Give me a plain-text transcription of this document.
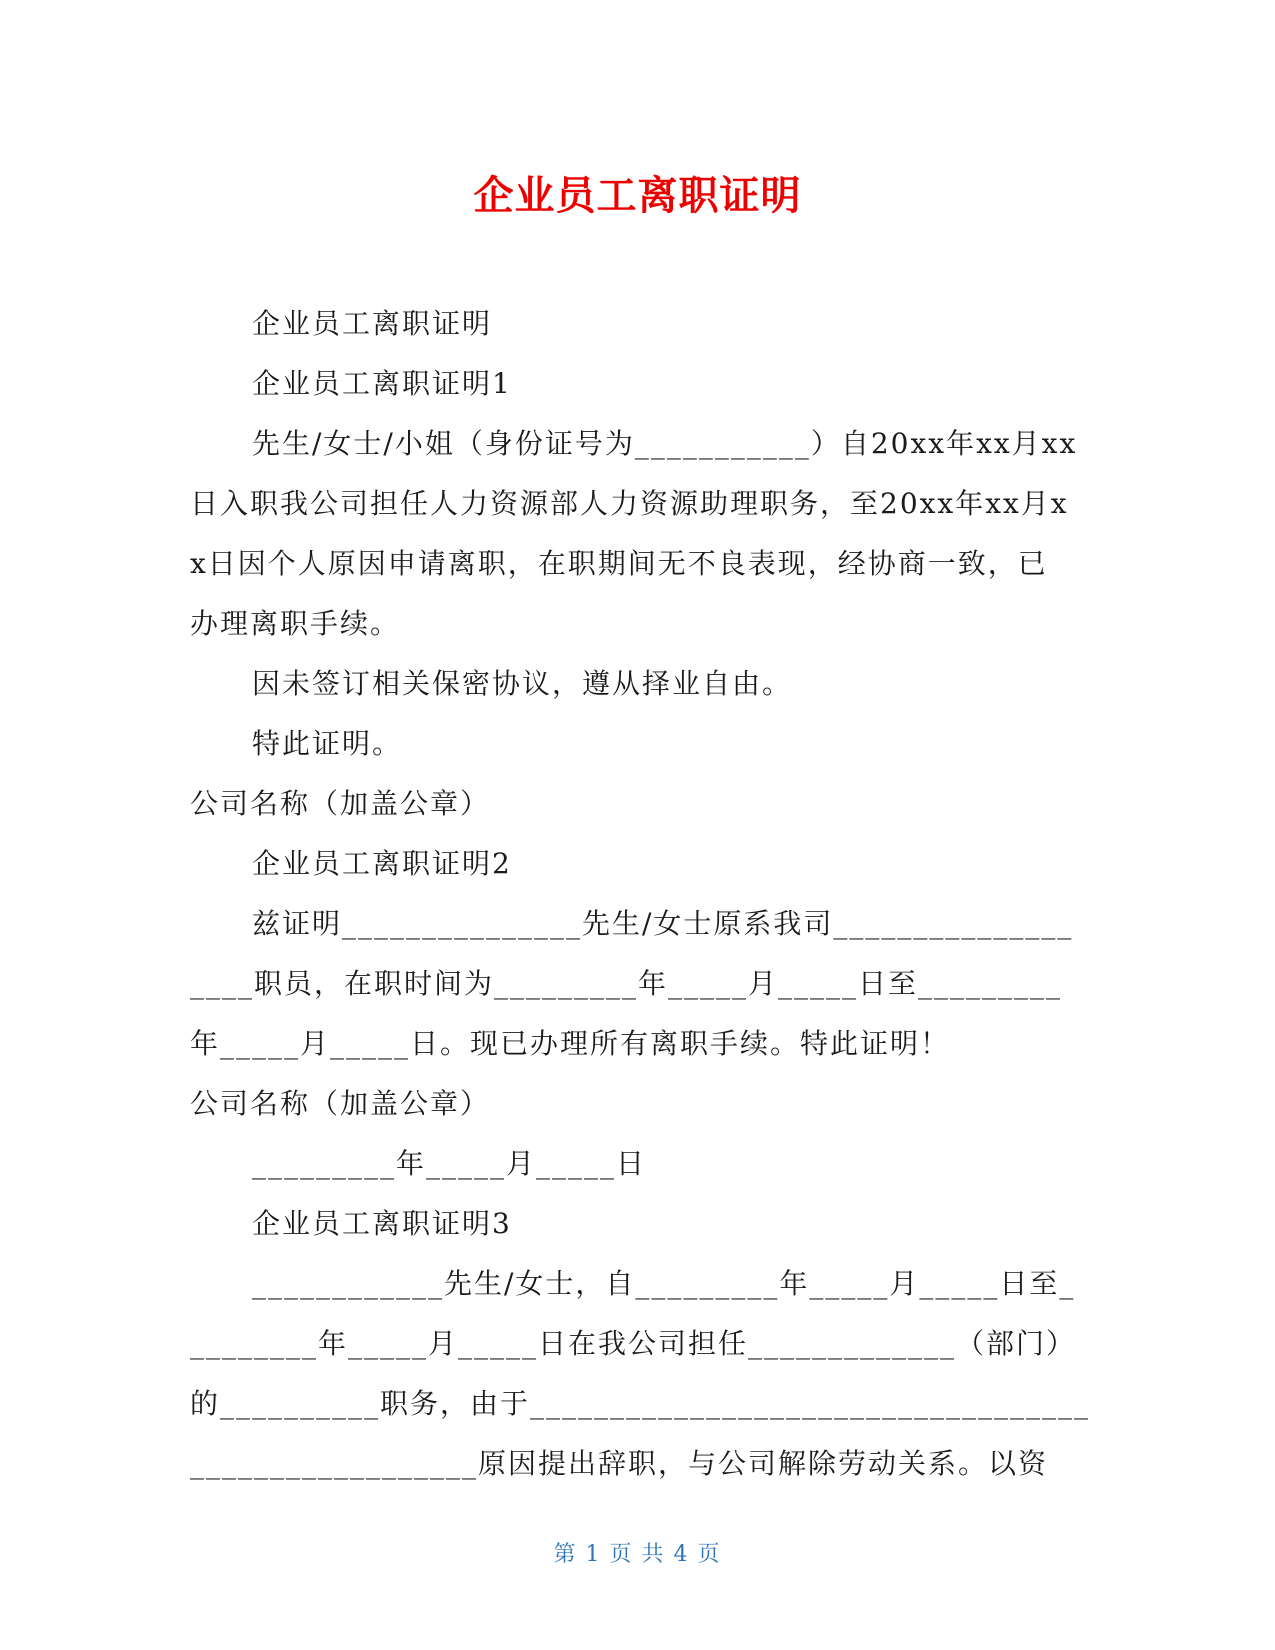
企业员工离职证明

企业员工离职证明

企业员工离职证明1

先生/女士/小姐（身份证号为___________）自20xx年xx月xx

日入职我公司担任人力资源部人力资源助理职务，至20xx年xx月x

x日因个人原因申请离职，在职期间无不良表现，经协商一致，已

办理离职手续。

因未签订相关保密协议，遵从择业自由。

特此证明。

公司名称（加盖公章）

企业员工离职证明2

兹证明_______________先生/女士原系我司_______________

____职员，在职时间为_________年_____月_____日至_________

年_____月_____日。现已办理所有离职手续。特此证明！

公司名称（加盖公章）

_________年_____月_____日

企业员工离职证明3

____________先生/女士，自_________年_____月_____日至_

________年_____月_____日在我公司担任_____________（部门）

的__________职务，由于___________________________________

__________________原因提出辞职，与公司解除劳动关系。以资

第 1 页 共 4 页
